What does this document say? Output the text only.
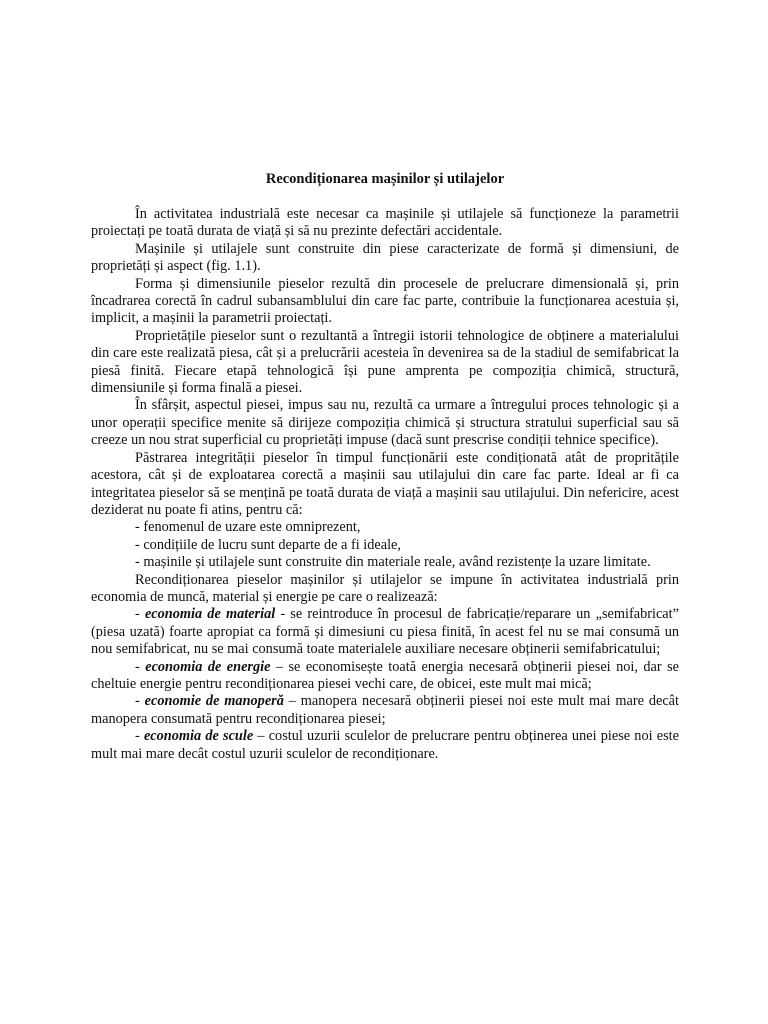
Recondiționarea mașinilor și utilajelor

În activitatea industrială este necesar ca mașinile și utilajele să funcționeze la parametrii proiectați pe toată durata de viață și să nu prezinte defectări accidentale.

Mașinile și utilajele sunt construite din piese caracterizate de formă și dimensiuni, de proprietăți și aspect (fig. 1.1).

Forma și dimensiunile pieselor rezultă din procesele de prelucrare dimensională și, prin încadrarea corectă în cadrul subansamblului din care fac parte, contribuie la funcționarea acestuia și, implicit, a mașinii la parametrii proiectați.

Proprietățile pieselor sunt o rezultantă a întregii istorii tehnologice de obținere a materialului din care este realizată piesa, cât și a prelucrării acesteia în devenirea sa de la stadiul de semifabricat la piesă finită. Fiecare etapă tehnologică își pune amprenta pe compoziția chimică, structură, dimensiunile și forma finală a piesei.

În sfârșit, aspectul piesei, impus sau nu, rezultă ca urmare a întregului proces tehnologic și a unor operații specifice menite să dirijeze compoziția chimică și structura stratului superficial sau să creeze un nou strat superficial cu proprietăți impuse (dacă sunt prescrise condiții tehnice specifice).

Păstrarea integrității pieselor în timpul funcționării este condiționată atât de propritățile acestora, cât și de exploatarea corectă a mașinii sau utilajului din care fac parte. Ideal ar fi ca integritatea pieselor să se mențină pe toată durata de viață a mașinii sau utilajului. Din nefericire, acest deziderat nu poate fi atins, pentru că:

- fenomenul de uzare este omniprezent,

- condițiile de lucru sunt departe de a fi ideale,

- mașinile și utilajele sunt construite din materiale reale, având rezistențe la uzare limitate.

Recondiționarea pieselor mașinilor și utilajelor se impune în activitatea industrială prin economia de muncă, material și energie pe care o realizează:

- economia de material - se reintroduce în procesul de fabricație/reparare un „semifabricat” (piesa uzată) foarte apropiat ca formă și dimesiuni cu piesa finită, în acest fel nu se mai consumă un nou semifabricat, nu se mai consumă toate materialele auxiliare necesare obținerii semifabricatului;

- economia de energie – se economisește toată energia necesară obținerii piesei noi, dar se cheltuie energie pentru recondiționarea piesei vechi care, de obicei, este mult mai mică;

- economie de manoperă – manopera necesară obținerii piesei noi este mult mai mare decât manopera consumată pentru recondiționarea piesei;

- economia de scule – costul uzurii sculelor de prelucrare pentru obținerea unei piese noi este mult mai mare decât costul uzurii sculelor de recondiționare.
